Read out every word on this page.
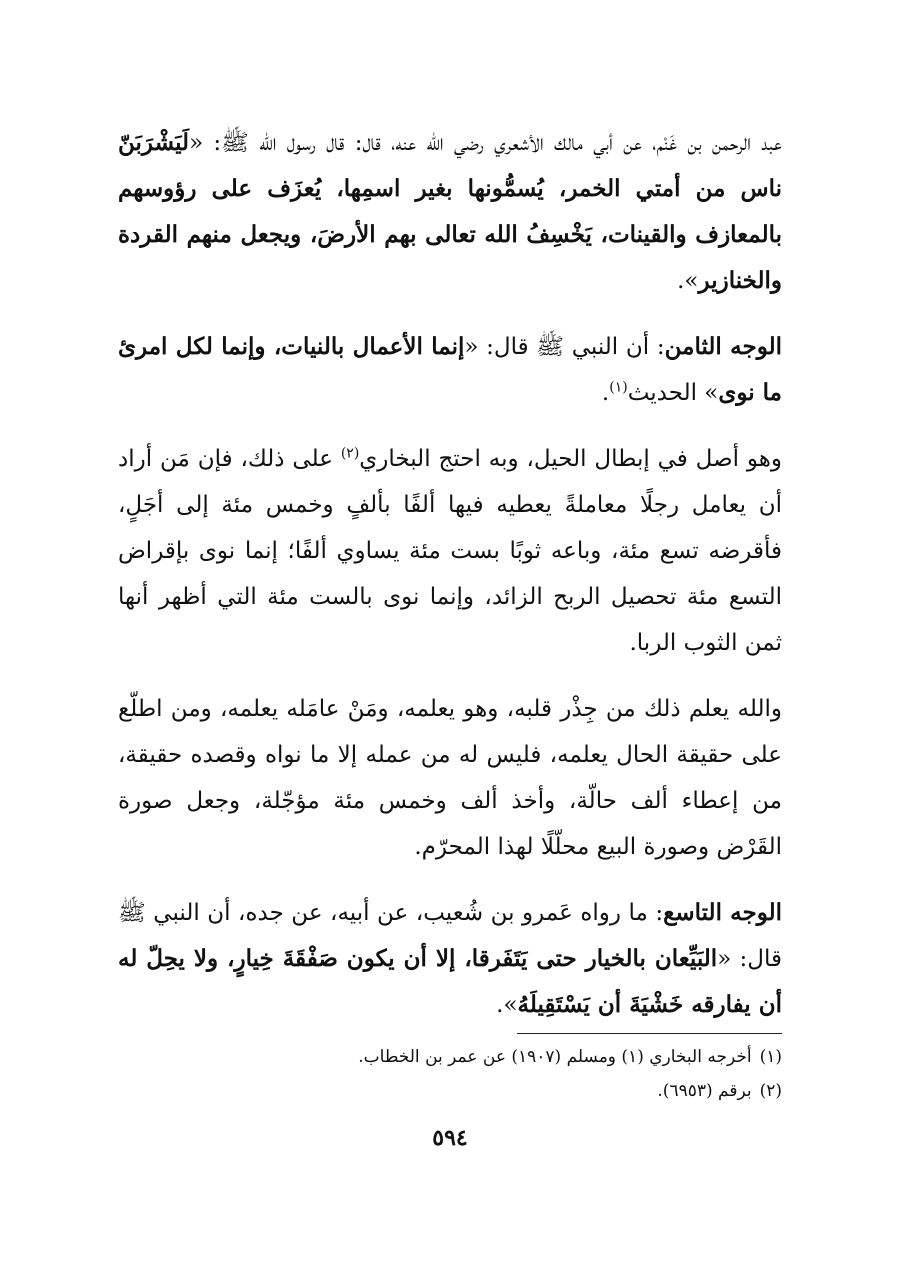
عبد الرحمن بن غَنْم، عن أبي مالك الأشعري رضي الله عنه، قال: قال رسول الله ﷺ: «لَيَشْرَبَنّ ناس من أمتي الخمر، يُسمُّونها بغير اسمِها، يُعزَف على رؤوسهم بالمعازف والقينات، يَخْسِفُ الله تعالى بهم الأرضَ، ويجعل منهم القردة والخنازير».

الوجه الثامن: أن النبي ﷺ قال: «إنما الأعمال بالنيات، وإنما لكل امرئ ما نوى» الحديث$^{(١)}$.

وهو أصل في إبطال الحيل، وبه احتج البخاري$^{(٢)}$ على ذلك، فإن مَن أراد أن يعامل رجلًا معاملةً يعطيه فيها ألفًا بألفٍ وخمس مئة إلى أجَلٍ، فأقرضه تسع مئة، وباعه ثوبًا بست مئة يساوي ألفًا؛ إنما نوى بإقراض التسع مئة تحصيل الربح الزائد، وإنما نوى بالست مئة التي أظهر أنها ثمن الثوب الربا.

والله يعلم ذلك من جِذْر قلبه، وهو يعلمه، ومَنْ عامَله يعلمه، ومن اطلّع على حقيقة الحال يعلمه، فليس له من عمله إلا ما نواه وقصده حقيقة، من إعطاء ألف حالّة، وأخذ ألف وخمس مئة مؤجّلة، وجعل صورة القَرْض وصورة البيع محلّلًا لهذا المحرّم.

الوجه التاسع: ما رواه عَمرو بن شُعيب، عن أبيه، عن جده، أن النبي ﷺ قال: «البَيِّعان بالخيار حتى يَتَفَرقا، إلا أن يكون صَفْقَةَ خِيارٍ، ولا يحِلّ له أن يفارقه خَشْيَةَ أن يَسْتَقِيلَهُ».

(١)أخرجه البخاري (١) ومسلم (١٩٠٧) عن عمر بن الخطاب.
(٢)برقم (٦٩٥٣).
٥٩٤
